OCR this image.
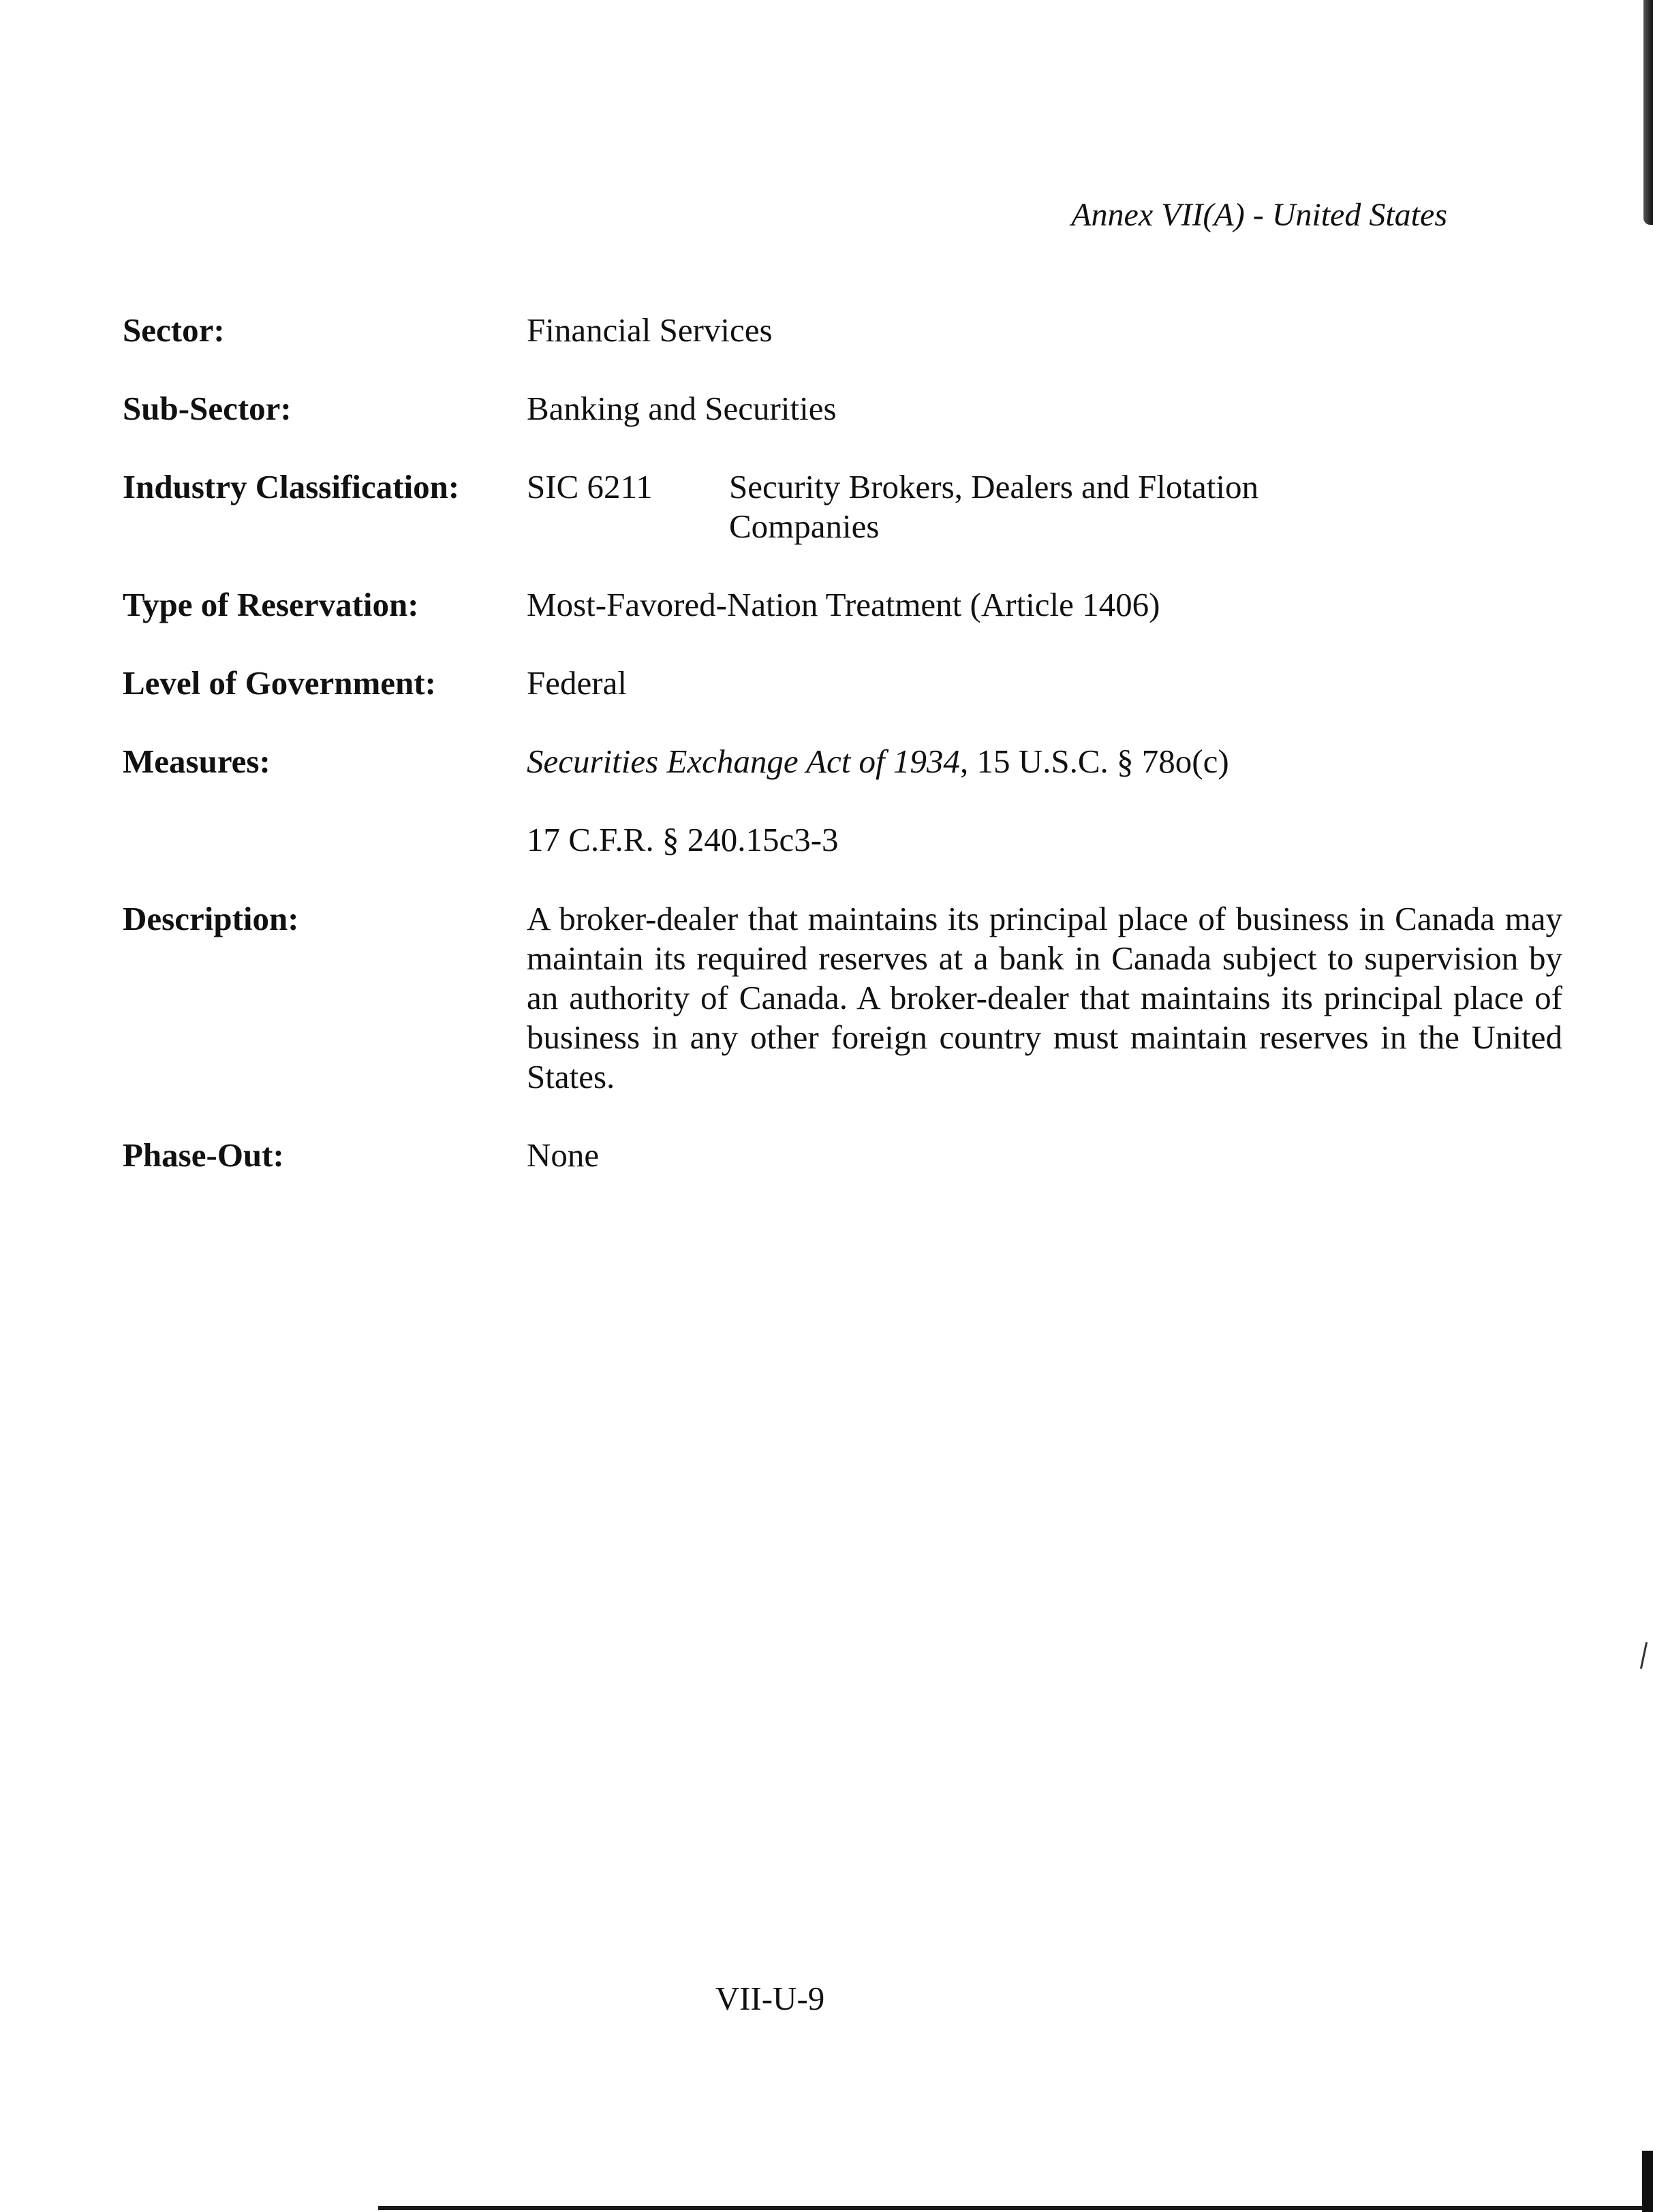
Annex VII(A) - United States
Sector:	Financial Services
Sub-Sector:	Banking and Securities
Industry Classification: SIC 6211 Security Brokers, Dealers and Flotation Companies
Type of Reservation:	Most-Favored-Nation Treatment (Article 1406)
Level of Government:	Federal
Measures:	Securities Exchange Act of 1934, 15 U.S.C. § 78o(c)
17 C.F.R. § 240.15c3-3
Description:	A broker-dealer that maintains its principal place of business in Canada may maintain its required reserves at a bank in Canada subject to supervision by an authority of Canada. A broker-dealer that maintains its principal place of business in any other foreign country must maintain reserves in the United States.
Phase-Out:	None
VII-U-9
